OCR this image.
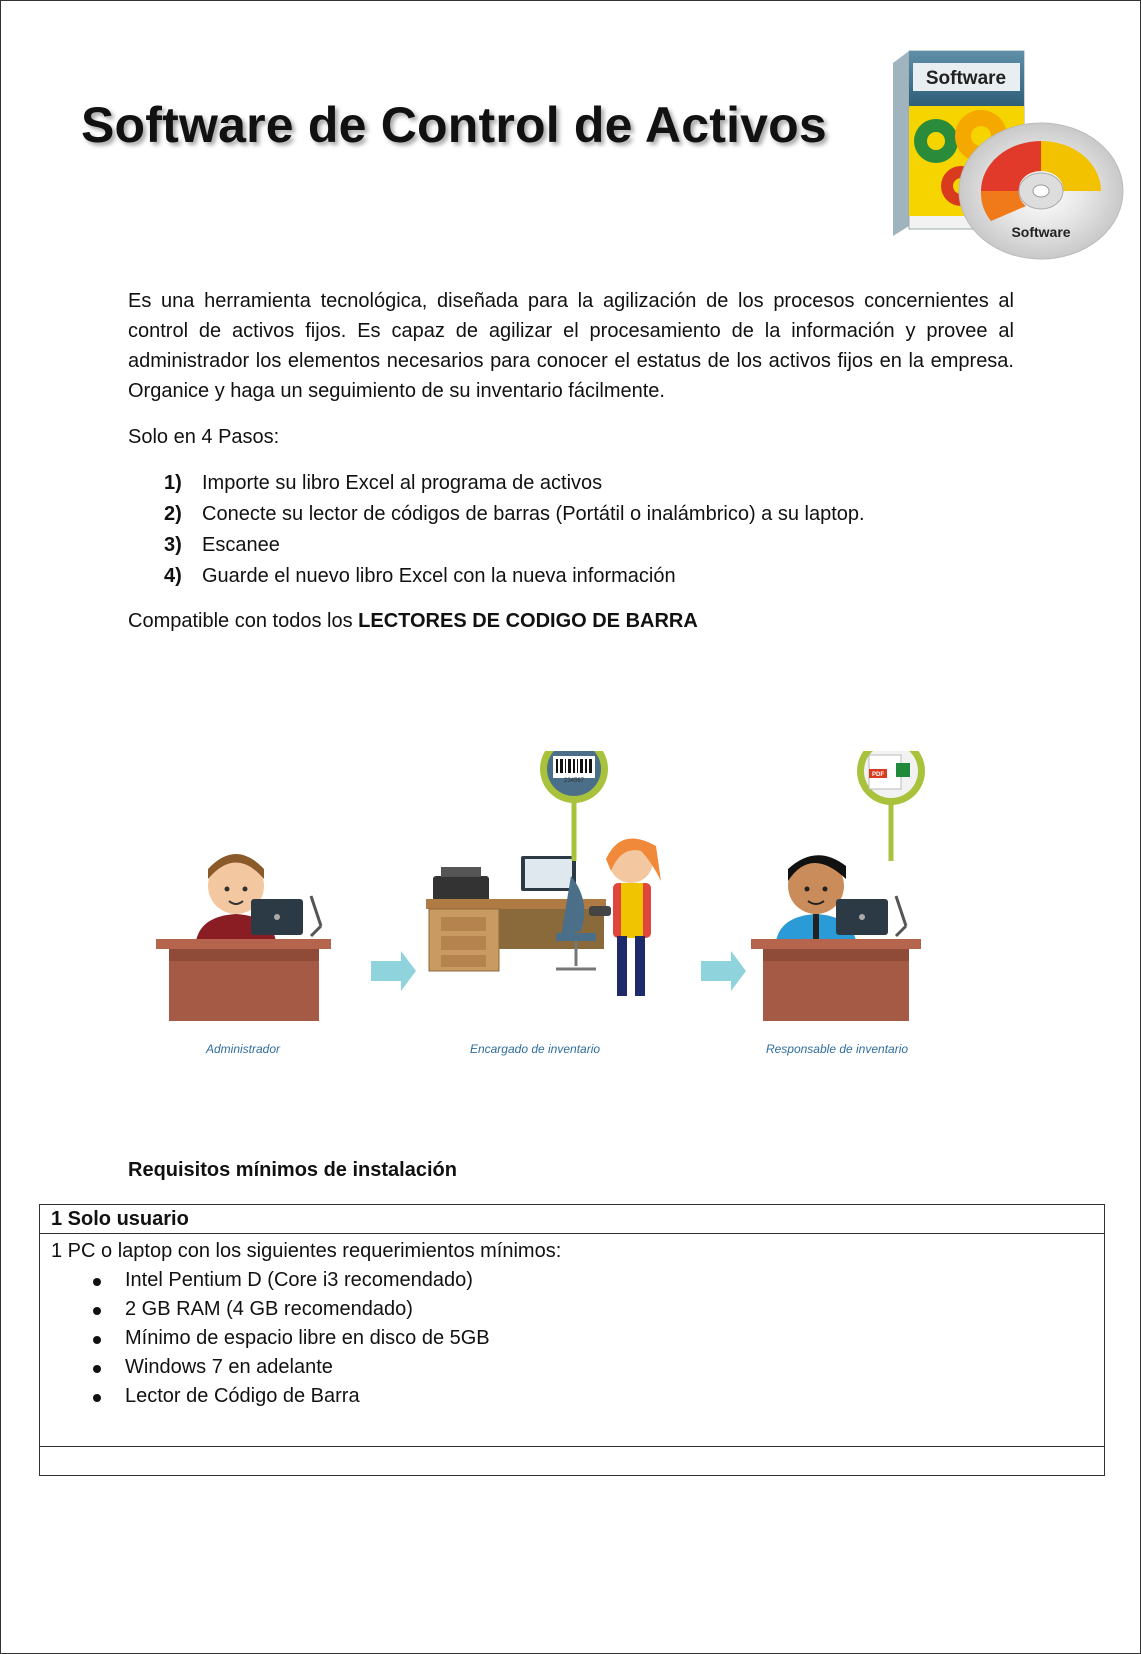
Software de Control de Activos
Software
Software

Es una herramienta tecnológica, diseñada para la agilización de los procesos concernientes al control de activos fijos. Es capaz de agilizar el procesamiento de la información y provee al administrador los elementos necesarios para conocer el estatus de los activos fijos en la empresa. Organice y haga un seguimiento de su inventario fácilmente.

Solo en 4 Pasos:
1)	Importe su libro Excel al programa de activos
2)	Conecte su lector de códigos de barras (Portátil o inalámbrico) a su laptop.
3)	Escanee
4)	Guarde el nuevo libro Excel con la nueva información
Compatible con todos los LECTORES DE CODIGO DE BARRA
234567
PDF
Administrador	Encargado de inventario	Responsable de inventario
Requisitos mínimos de instalación
1 Solo usuario
1 PC o laptop con los siguientes requerimientos mínimos:
Intel Pentium D (Core i3 recomendado)
2 GB RAM (4 GB recomendado)
Mínimo de espacio libre en disco de 5GB
Windows 7 en adelante
Lector de Código de Barra
